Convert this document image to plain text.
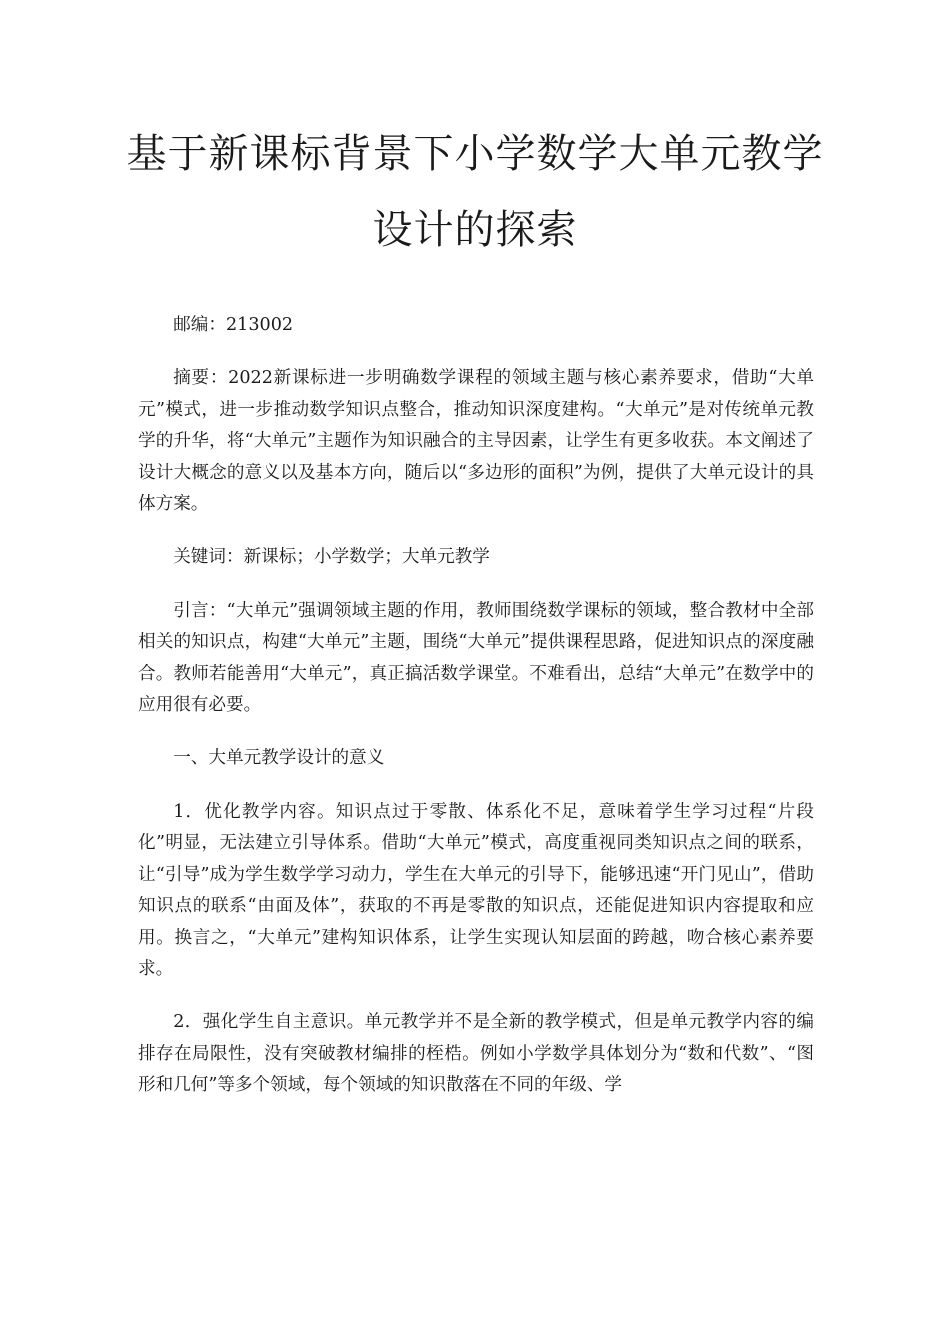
基于新课标背景下小学数学大单元教学
设计的探索

邮编：213002

摘要：2022新课标进一步明确数学课程的领域主题与核心素养要求，借助“大单元”模式，进一步推动数学知识点整合，推动知识深度建构。“大单元”是对传统单元教学的升华，将“大单元”主题作为知识融合的主导因素，让学生有更多收获。本文阐述了设计大概念的意义以及基本方向，随后以“多边形的面积”为例，提供了大单元设计的具体方案。

关键词：新课标；小学数学；大单元教学

引言：“大单元”强调领域主题的作用，教师围绕数学课标的领域，整合教材中全部相关的知识点，构建“大单元”主题，围绕“大单元”提供课程思路，促进知识点的深度融合。教师若能善用“大单元”，真正搞活数学课堂。不难看出，总结“大单元”在数学中的应用很有必要。

一、大单元教学设计的意义

1．优化教学内容。知识点过于零散、体系化不足，意味着学生学习过程“片段化”明显，无法建立引导体系。借助“大单元”模式，高度重视同类知识点之间的联系，让“引导”成为学生数学学习动力，学生在大单元的引导下，能够迅速“开门见山”，借助知识点的联系“由面及体”，获取的不再是零散的知识点，还能促进知识内容提取和应用。换言之，“大单元”建构知识体系，让学生实现认知层面的跨越，吻合核心素养要求。

2．强化学生自主意识。单元教学并不是全新的教学模式，但是单元教学内容的编排存在局限性，没有突破教材编排的桎梏。例如小学数学具体划分为“数和代数”、“图形和几何”等多个领域，每个领域的知识散落在不同的年级、学
